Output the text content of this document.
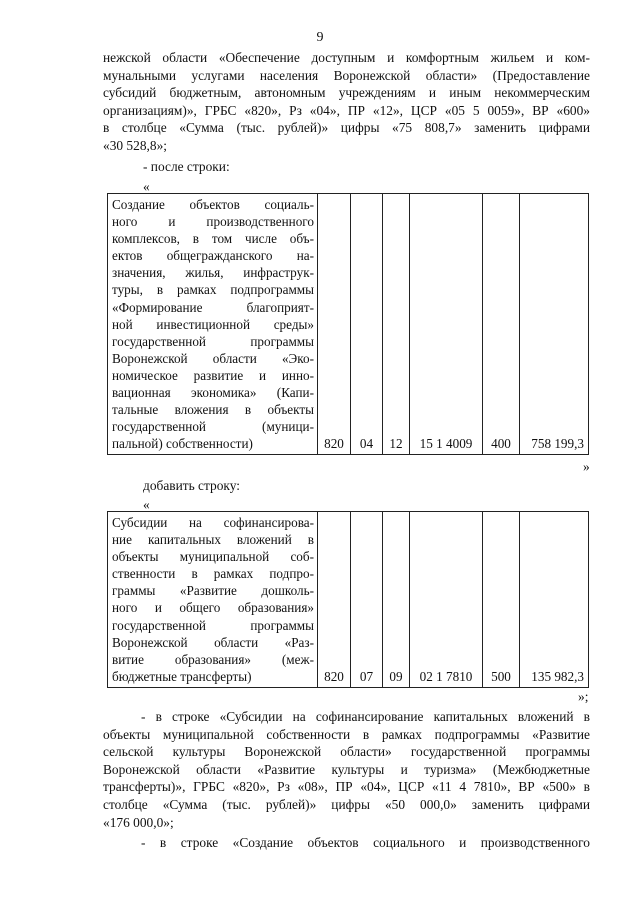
9
нежской области «Обеспечение доступным и комфортным жильем и ком-
мунальными услугами населения Воронежской области» (Предоставление
субсидий бюджетным, автономным учреждениям и иным некоммерческим
организациям)», ГРБС «820», Рз «04», ПР «12», ЦСР «05 5 0059», ВР «600»
в столбце «Сумма (тыс. рублей)» цифры «75 808,7» заменить цифрами
«30 528,8»;
- после строки:
«
Создание объектов социаль-
ного и производственного
комплексов, в том числе объ-
ектов общегражданского на-
значения, жилья, инфраструк-
туры, в рамках подпрограммы
«Формирование благоприят-
ной инвестиционной среды»
государственной программы
Воронежской области «Эко-
номическое развитие и инно-
вационная экономика» (Капи-
тальные вложения в объекты
государственной (муници-
пальной) собственности)	820	04	12	15 1 4009	400	758 199,3
»
добавить строку:
«
Субсидии на софинансирова-
ние капитальных вложений в
объекты муниципальной соб-
ственности в рамках подпро-
граммы «Развитие дошколь-
ного и общего образования»
государственной программы
Воронежской области «Раз-
витие образования» (меж-
бюджетные трансферты)	820	07	09	02 1 7810	500	135 982,3
»;
- в строке «Субсидии на софинансирование капитальных вложений в
объекты муниципальной собственности в рамках подпрограммы «Развитие
сельской культуры Воронежской области» государственной программы
Воронежской области «Развитие культуры и туризма» (Межбюджетные
трансферты)», ГРБС «820», Рз «08», ПР «04», ЦСР «11 4 7810», ВР «500» в
столбце «Сумма (тыс. рублей)» цифры «50 000,0» заменить цифрами
«176 000,0»;
- в строке «Создание объектов социального и производственного
